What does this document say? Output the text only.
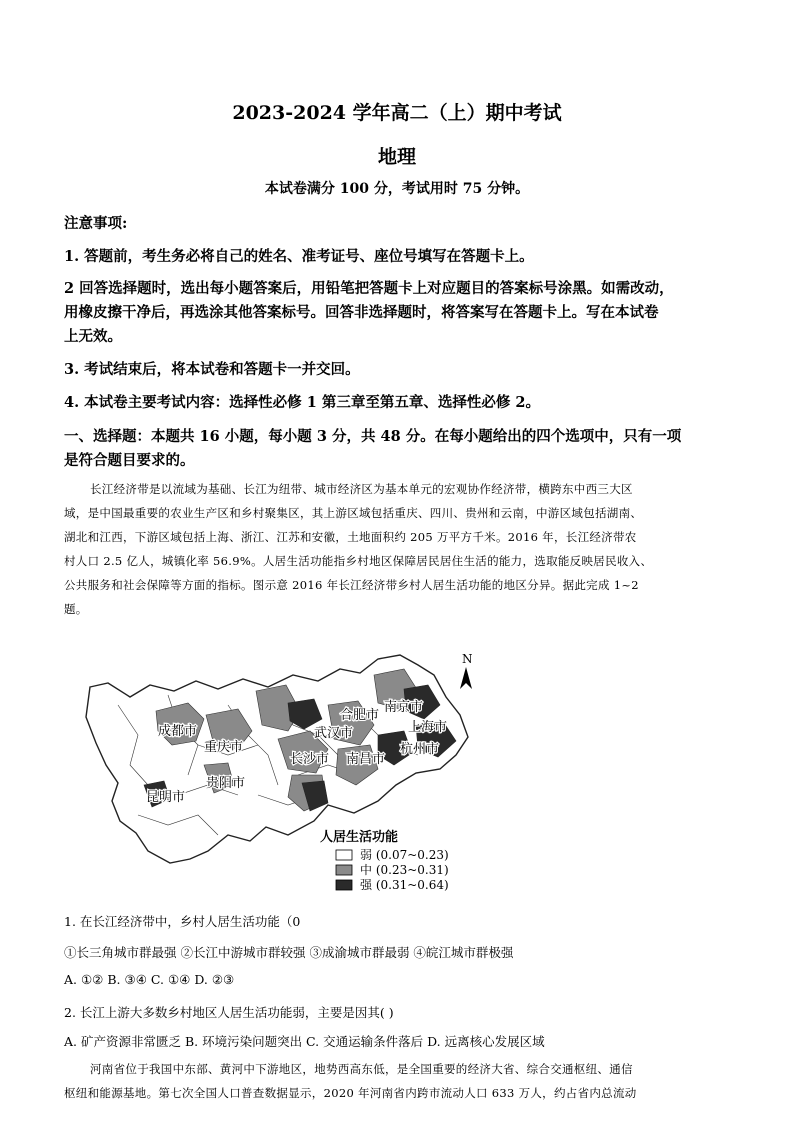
2023-2024 学年高二（上）期中考试
地理
本试卷满分 100 分，考试用时 75 分钟。
注意事项:
1. 答题前，考生务必将自己的姓名、准考证号、座位号填写在答题卡上。
2 回答选择题时，选出每小题答案后，用铅笔把答题卡上对应题目的答案标号涂黑。如需改动，
用橡皮擦干净后，再选涂其他答案标号。回答非选择题时，将答案写在答题卡上。写在本试卷
上无效。
3. 考试结束后，将本试卷和答题卡一并交回。
4. 本试卷主要考试内容：选择性必修 1 第三章至第五章、选择性必修 2。
一、选择题：本题共 16 小题，每小题 3 分，共 48 分。在每小题给出的四个选项中，只有一项
是符合题目要求的。
长江经济带是以流域为基础、长江为纽带、城市经济区为基本单元的宏观协作经济带，横跨东中西三大区
域，是中国最重要的农业生产区和乡村聚集区，其上游区域包括重庆、四川、贵州和云南，中游区域包括湖南、
湖北和江西，下游区域包括上海、浙江、江苏和安徽，土地面积约 205 万平方千米。2016 年，长江经济带农
村人口 2.5 亿人，城镇化率 56.9%。人居生活功能指乡村地区保障居民居住生活的能力，选取能反映居民收入、
公共服务和社会保障等方面的指标。图示意 2016 年长江经济带乡村人居生活功能的地区分异。据此完成 1~2
题。
N
成都市
重庆市
贵阳市
昆明市
武汉市
长沙市 南昌市
合肥市
南京市
上海市
杭州市
人居生活功能
弱 (0.07~0.23)
中 (0.23~0.31)
强 (0.31~0.64)
1. 在长江经济带中，乡村人居生活功能（0
①长三角城市群最强 ②长江中游城市群较强 ③成渝城市群最弱 ④皖江城市群极强
A. ①② B. ③④ C. ①④ D. ②③
2. 长江上游大多数乡村地区人居生活功能弱，主要是因其( )
A. 矿产资源非常匮乏 B. 环境污染问题突出 C. 交通运输条件落后 D. 远离核心发展区域
河南省位于我国中东部、黄河中下游地区，地势西高东低，是全国重要的经济大省、综合交通枢纽、通信
枢纽和能源基地。第七次全国人口普查数据显示，2020 年河南省内跨市流动人口 633 万人，约占省内总流动
